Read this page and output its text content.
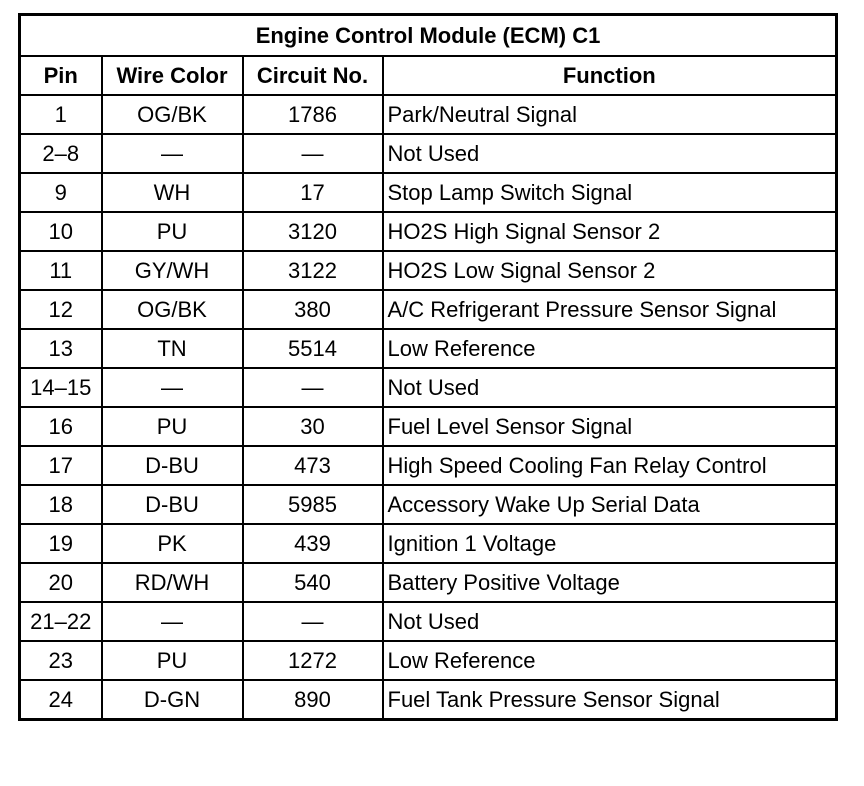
Engine Control Module (ECM) C1			
Pin	Wire Color	Circuit No.	Function
1	OG/BK	1786	Park/Neutral Signal
2–8	—	—	Not Used
9	WH	17	Stop Lamp Switch Signal
10	PU	3120	HO2S High Signal Sensor 2
11	GY/WH	3122	HO2S Low Signal Sensor 2
12	OG/BK	380	A/C Refrigerant Pressure Sensor Signal
13	TN	5514	Low Reference
14–15	—	—	Not Used
16	PU	30	Fuel Level Sensor Signal
17	D-BU	473	High Speed Cooling Fan Relay Control
18	D-BU	5985	Accessory Wake Up Serial Data
19	PK	439	Ignition 1 Voltage
20	RD/WH	540	Battery Positive Voltage
21–22	—	—	Not Used
23	PU	1272	Low Reference
24	D-GN	890	Fuel Tank Pressure Sensor Signal
